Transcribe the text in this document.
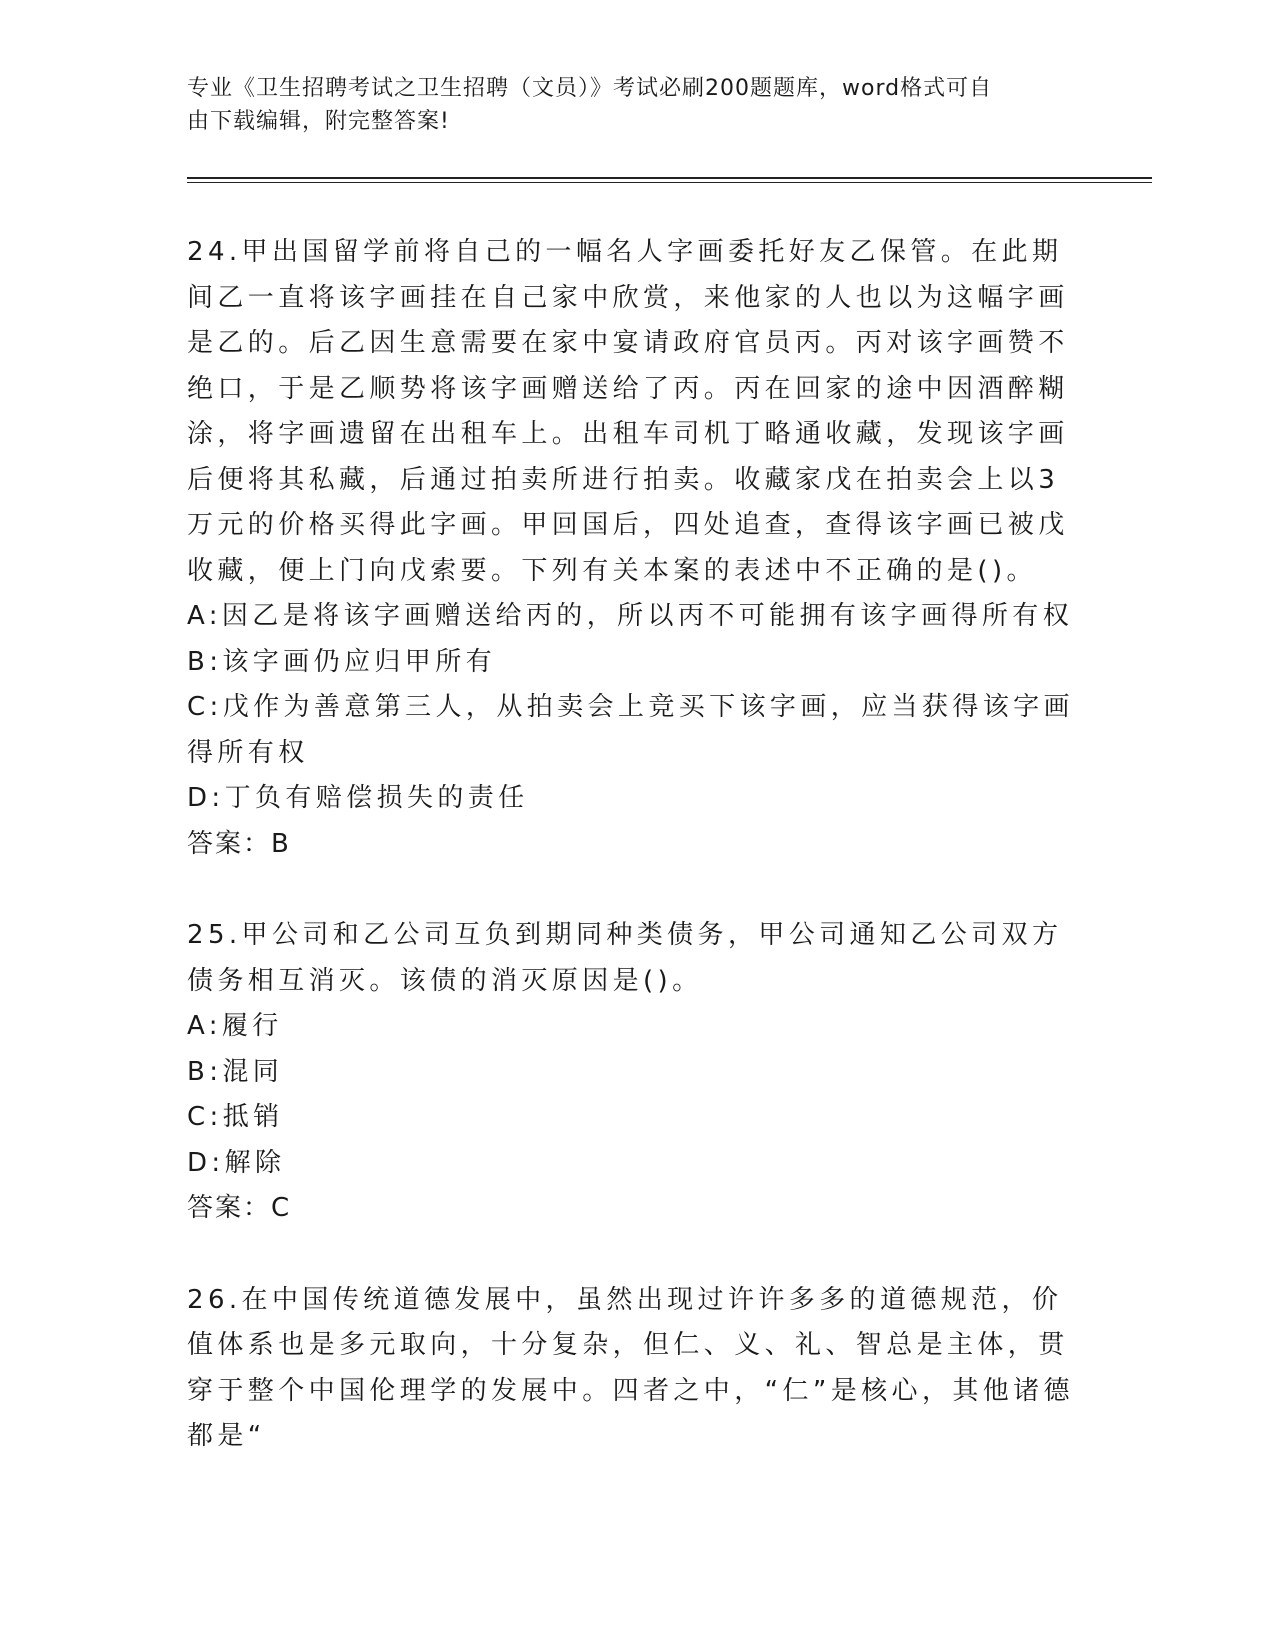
专业《卫生招聘考试之卫生招聘（文员）》考试必刷200题题库，word格式可自
由下载编辑，附完整答案!

24.甲出国留学前将自己的一幅名人字画委托好友乙保管。在此期间乙一直将该字画挂在自己家中欣赏，来他家的人也以为这幅字画是乙的。后乙因生意需要在家中宴请政府官员丙。丙对该字画赞不绝口，于是乙顺势将该字画赠送给了丙。丙在回家的途中因酒醉糊涂，将字画遗留在出租车上。出租车司机丁略通收藏，发现该字画后便将其私藏，后通过拍卖所进行拍卖。收藏家戊在拍卖会上以3万元的价格买得此字画。甲回国后，四处追查，查得该字画已被戊收藏，便上门向戊索要。下列有关本案的表述中不正确的是()。

A:因乙是将该字画赠送给丙的，所以丙不可能拥有该字画得所有权

B:该字画仍应归甲所有

C:戊作为善意第三人，从拍卖会上竞买下该字画，应当获得该字画得所有权

D:丁负有赔偿损失的责任

答案：B

25.甲公司和乙公司互负到期同种类债务，甲公司通知乙公司双方债务相互消灭。该债的消灭原因是()。

A:履行

B:混同

C:抵销

D:解除

答案：C

26.在中国传统道德发展中，虽然出现过许许多多的道德规范，价值体系也是多元取向，十分复杂，但仁、义、礼、智总是主体，贯穿于整个中国伦理学的发展中。四者之中，“仁”是核心，其他诸德都是“
